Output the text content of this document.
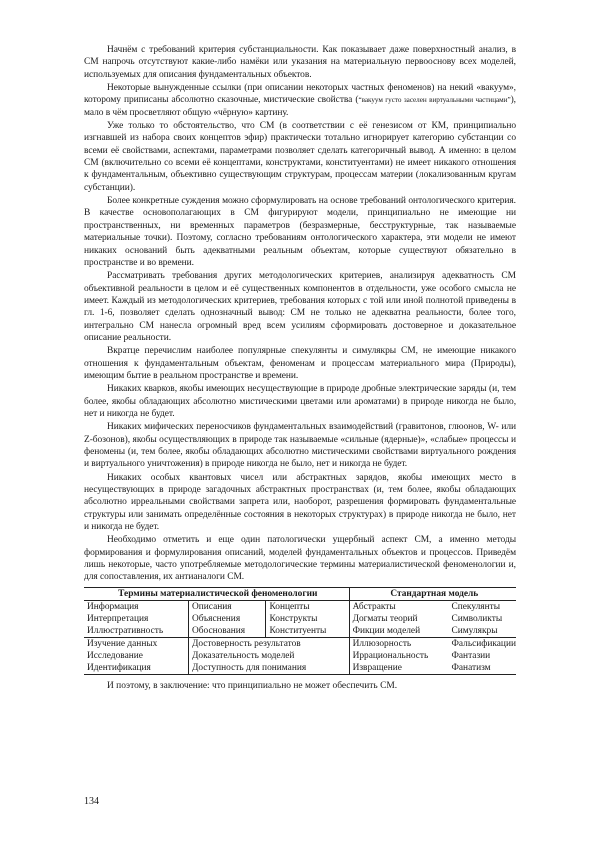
Начнём с требований критерия субстанциальности. Как показывает даже поверхностный анализ, в СМ напрочь отсутствуют какие-либо намёки или указания на материальную первооснову всех моделей, используемых для описания фундаментальных объектов.

Некоторые вынужденные ссылки (при описании некоторых частных феноменов) на некий «вакуум», которому приписаны абсолютно сказочные, мистические свойства (“вакуум густо заселен виртуальными частицами”), мало в чём просветляют общую «чёрную» картину.

Уже только то обстоятельство, что СМ (в соответствии с её генезисом от КМ, принципиально изгнавшей из набора своих концептов эфир) практически тотально игнорирует категорию субстанции со всеми её свойствами, аспектами, параметрами позволяет сделать категоричный вывод. А именно: в целом СМ (включительно со всеми её концептами, конструктами, конституентами) не имеет никакого отношения к фундаментальным, объективно существующим структурам, процессам материи (локализованным кругам субстанции).

Более конкретные суждения можно сформулировать на основе требований онтологического критерия. В качестве основополагающих в СМ фигурируют модели, принципиально не имеющие ни пространственных, ни временных параметров (безразмерные, бесструктурные, так называемые материальные точки). Поэтому, согласно требованиям онтологического характера, эти модели не имеют никаких оснований быть адекватными реальным объектам, которые существуют обязательно в пространстве и во времени.

Рассматривать требования других методологических критериев, анализируя адекватность СМ объективной реальности в целом и её существенных компонентов в отдельности, уже особого смысла не имеет. Каждый из методологических критериев, требования которых с той или иной полнотой приведены в гл. 1-6, позволяет сделать однозначный вывод: СМ не только не адекватна реальности, более того, интегрально СМ нанесла огромный вред всем усилиям сформировать достоверное и доказательное описание реальности.

Вкратце перечислим наиболее популярные спекулянты и симулякры СМ, не имеющие никакого отношения к фундаментальным объектам, феноменам и процессам материального мира (Природы), имеющим бытие в реальном пространстве и времени.

Никаких кварков, якобы имеющих несуществующие в природе дробные электрические заряды (и, тем более, якобы обладающих абсолютно мистическими цветами или ароматами) в природе никогда не было, нет и никогда не будет.

Никаких мифических переносчиков фундаментальных взаимодействий (гравитонов, глюонов, W- или Z-бозонов), якобы осуществляющих в природе так называемые «сильные (ядерные)», «слабые» процессы и феномены (и, тем более, якобы обладающих абсолютно мистическими свойствами виртуального рождения и виртуального уничтожения) в природе никогда не было, нет и никогда не будет.

Никаких особых квантовых чисел или абстрактных зарядов, якобы имеющих место в несуществующих в природе загадочных абстрактных пространствах (и, тем более, якобы обладающих абсолютно ирреальными свойствами запрета или, наоборот, разрешения формировать фундаментальные структуры или занимать определённые состояния в некоторых структурах) в природе никогда не было, нет и никогда не будет.

Необходимо отметить и еще один патологически ущербный аспект СМ, а именно методы формирования и формулирования описаний, моделей фундаментальных объектов и процессов. Приведём лишь некоторые, часто употребляемые методологические термины материалистической феноменологии и, для сопоставления, их антианалоги СМ.

Термины материалистической феноменологии			Стандартная модель	
Информация	Описания	Концепты	Абстракты	Спекулянты
Интерпретация	Объяснения	Конструкты	Догматы теорий	Символикты
Иллюстративность	Обоснования	Конституенты	Фикции моделей	Симулякры
Изучение данных	Достоверность результатов		Иллюзорность	Фальсификации
Исследование	Доказательность моделей		Иррациональность	Фантазии
Идентификация	Доступность для понимания		Извращение	Фанатизм

И поэтому, в заключение: что принципиально не может обеспечить СМ.

134
